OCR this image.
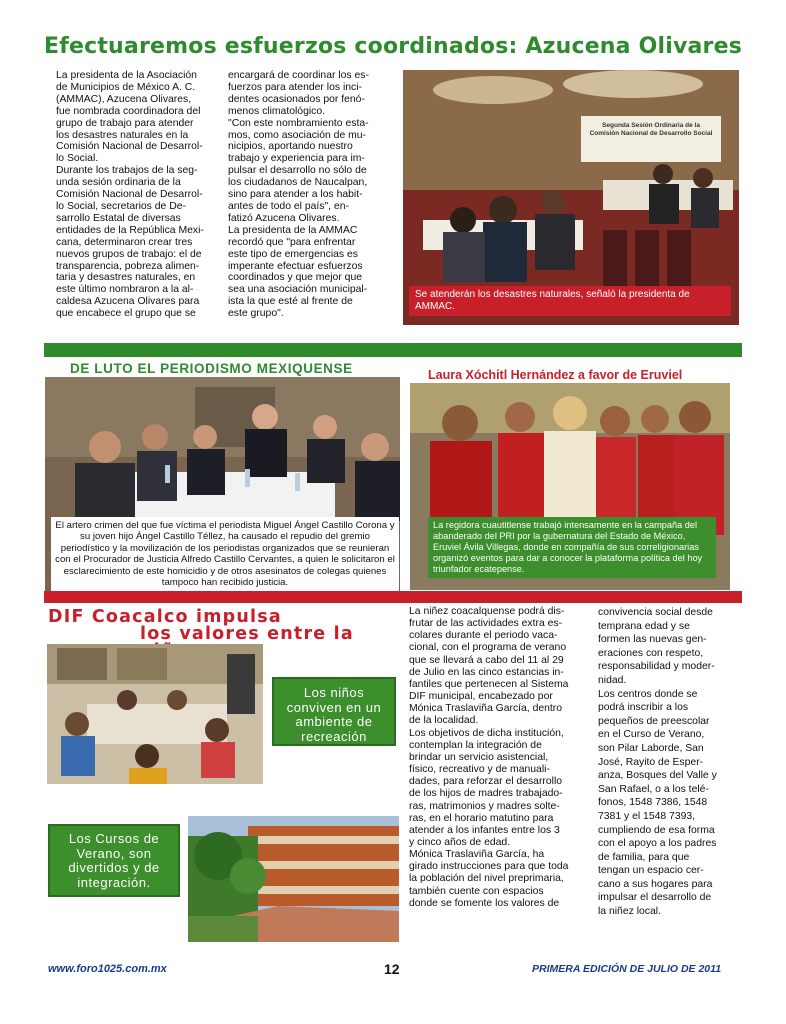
Efectuaremos esfuerzos coordinados: Azucena Olivares

La presidenta de la Asociación

de Municipios de México A. C.

(AMMAC), Azucena Olivares,

fue nombrada coordinadora del

grupo de trabajo para atender

los desastres naturales en la

Comisión Nacional de Desarrol-

lo Social.

Durante los trabajos de la seg-

unda sesión ordinaria de la

Comisión Nacional de Desarrol-

lo Social, secretarios de De-

sarrollo Estatal de diversas

entidades de la República Mexi-

cana, determinaron crear tres

nuevos grupos de trabajo: el de

transparencia, pobreza alimen-

taria y desastres naturales, en

este último nombraron a la al-

caldesa Azucena Olivares para

que encabece el grupo que se

encargará de coordinar los es-

fuerzos para atender los inci-

dentes ocasionados por fenó-

menos climatológico.

"Con este nombramiento esta-

mos, como asociación de mu-

nicipios, aportando nuestro

trabajo y experiencia para im-

pulsar el desarrollo no sólo de

los ciudadanos de Naucalpan,

sino para atender a los habit-

antes de todo el país", en-

fatizó Azucena Olivares.

La presidenta de la AMMAC

recordó que "para enfrentar

este tipo de emergencias es

imperante efectuar esfuerzos

coordinados y que mejor que

sea una asociación municipal-

ista la que esté al frente de

este grupo".

Segunda Sesión Ordinaria de la
Comisión Nacional de Desarrollo Social
Se atenderán los desastres naturales, señaló la presidenta de AMMAC.
DE LUTO EL PERIODISMO MEXIQUENSE
El artero crimen del que fue víctima el periodista Miguel Ángel Castillo Corona y su joven hijo Ángel Castillo Téllez, ha causado el repudio del gremio periodístico y la movilización de los periodistas organizados que se reunieran con el Procurador de Justicia Alfredo Castillo Cervantes, a quien le solicitaron el esclarecimiento de este homicidio y de otros asesinatos de colegas quienes tampoco han recibido justicia.
Laura Xóchitl Hernández a favor de Eruviel
La regidora cuautitlense trabajó intensamente en la campaña del abanderado del PRI por la gubernatura del Estado de México, Eruviel Ávila Villegas, donde en compañía de sus correligionarias organizó eventos para dar a conocer la plataforma política del hoy triunfador ecatepense.
DIF Coacalco impulsa
los valores entre la
Los niños conviven en un ambiente de recreación
Los Cursos de Verano, son divertidos y de integración.

La niñez coacalquense podrá dis-

frutar de las actividades extra es-

colares durante el periodo vaca-

cional, con el programa de verano

que se llevará a cabo del 11 al 29

de Julio en las cinco estancias in-

fantiles que pertenecen al Sistema

DIF municipal, encabezado por

Mónica Traslaviña García, dentro

de la localidad.

Los objetivos de dicha institución,

contemplan la integración de

brindar un servicio asistencial,

físico, recreativo y de manuali-

dades, para reforzar el desarrollo

de los hijos de madres trabajado-

ras, matrimonios y madres solte-

ras, en el horario matutino para

atender a los infantes entre los 3

y cinco años de edad.

Mónica Traslaviña García, ha

girado instrucciones para que toda

la población del nivel preprimaria,

también cuente con espacios

donde se fomente los valores de

convivencia social desde

temprana edad y se

formen las nuevas gen-

eraciones con respeto,

responsabilidad y moder-

nidad.

Los centros donde se

podrá inscribir a los

pequeños de preescolar

en el Curso de Verano,

son Pilar Laborde, San

José, Rayito de Esper-

anza, Bosques del Valle y

San Rafael, o a los telé-

fonos, 1548 7386, 1548

7381 y el 1548 7393,

cumpliendo de esa forma

con el apoyo a los padres

de familia, para que

tengan un espacio cer-

cano a sus hogares para

impulsar el desarrollo de

la niñez local.

www.foro1025.com.mx	12	PRIMERA EDICIÓN DE JULIO DE 2011
